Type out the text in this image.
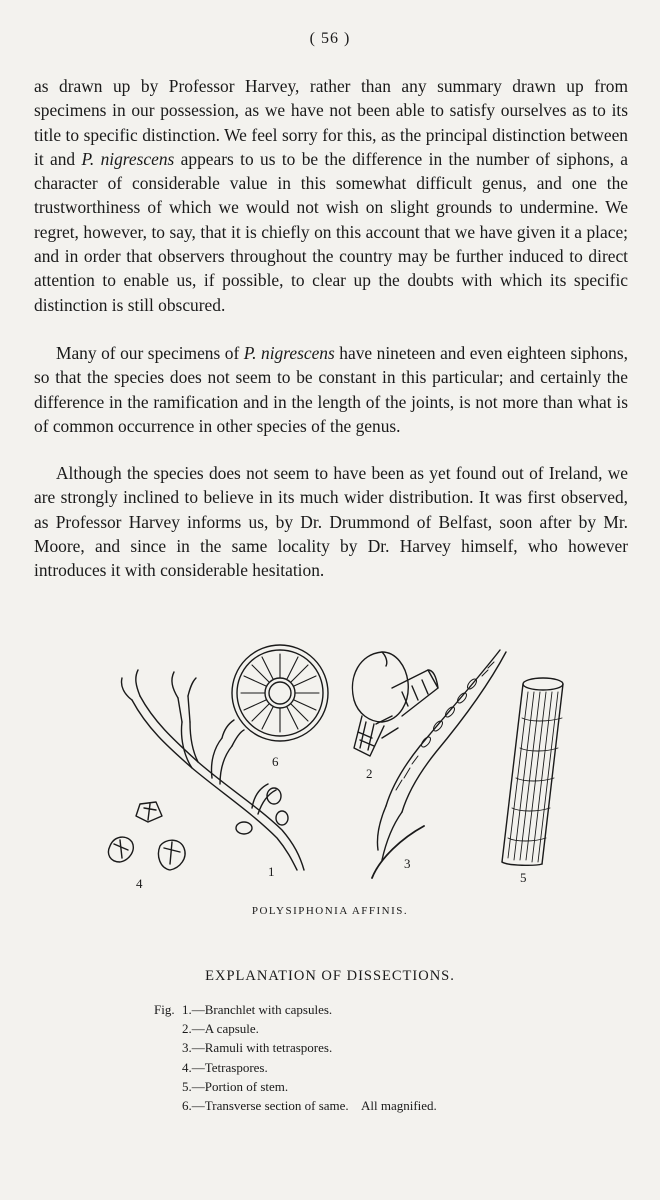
( 56 )

as drawn up by Professor Harvey, rather than any summary drawn up from specimens in our possession, as we have not been able to satisfy ourselves as to its title to specific distinction. We feel sorry for this, as the principal distinction between it and P. nigrescens appears to us to be the difference in the number of siphons, a character of considerable value in this somewhat difficult genus, and one the trustworthiness of which we would not wish on slight grounds to undermine. We regret, however, to say, that it is chiefly on this account that we have given it a place; and in order that observers throughout the country may be further induced to direct attention to enable us, if possible, to clear up the doubts with which its specific distinction is still obscured.

Many of our specimens of P. nigrescens have nineteen and even eighteen siphons, so that the species does not seem to be constant in this particular; and certainly the difference in the ramification and in the length of the joints, is not more than what is of common occurrence in other species of the genus.

Although the species does not seem to have been as yet found out of Ireland, we are strongly inclined to believe in its much wider distribution. It was first observed, as Professor Harvey informs us, by Dr. Drummond of Belfast, soon after by Mr. Moore, and since in the same locality by Dr. Harvey himself, who however introduces it with considerable hesitation.

6
2
4
1
3
5
POLYSIPHONIA AFFINIS.
EXPLANATION OF DISSECTIONS.
Fig. 1.—Branchlet with capsules.
2.—A capsule.
3.—Ramuli with tetraspores.
4.—Tetraspores.
5.—Portion of stem.
6.—Transverse section of same.    All magnified.
